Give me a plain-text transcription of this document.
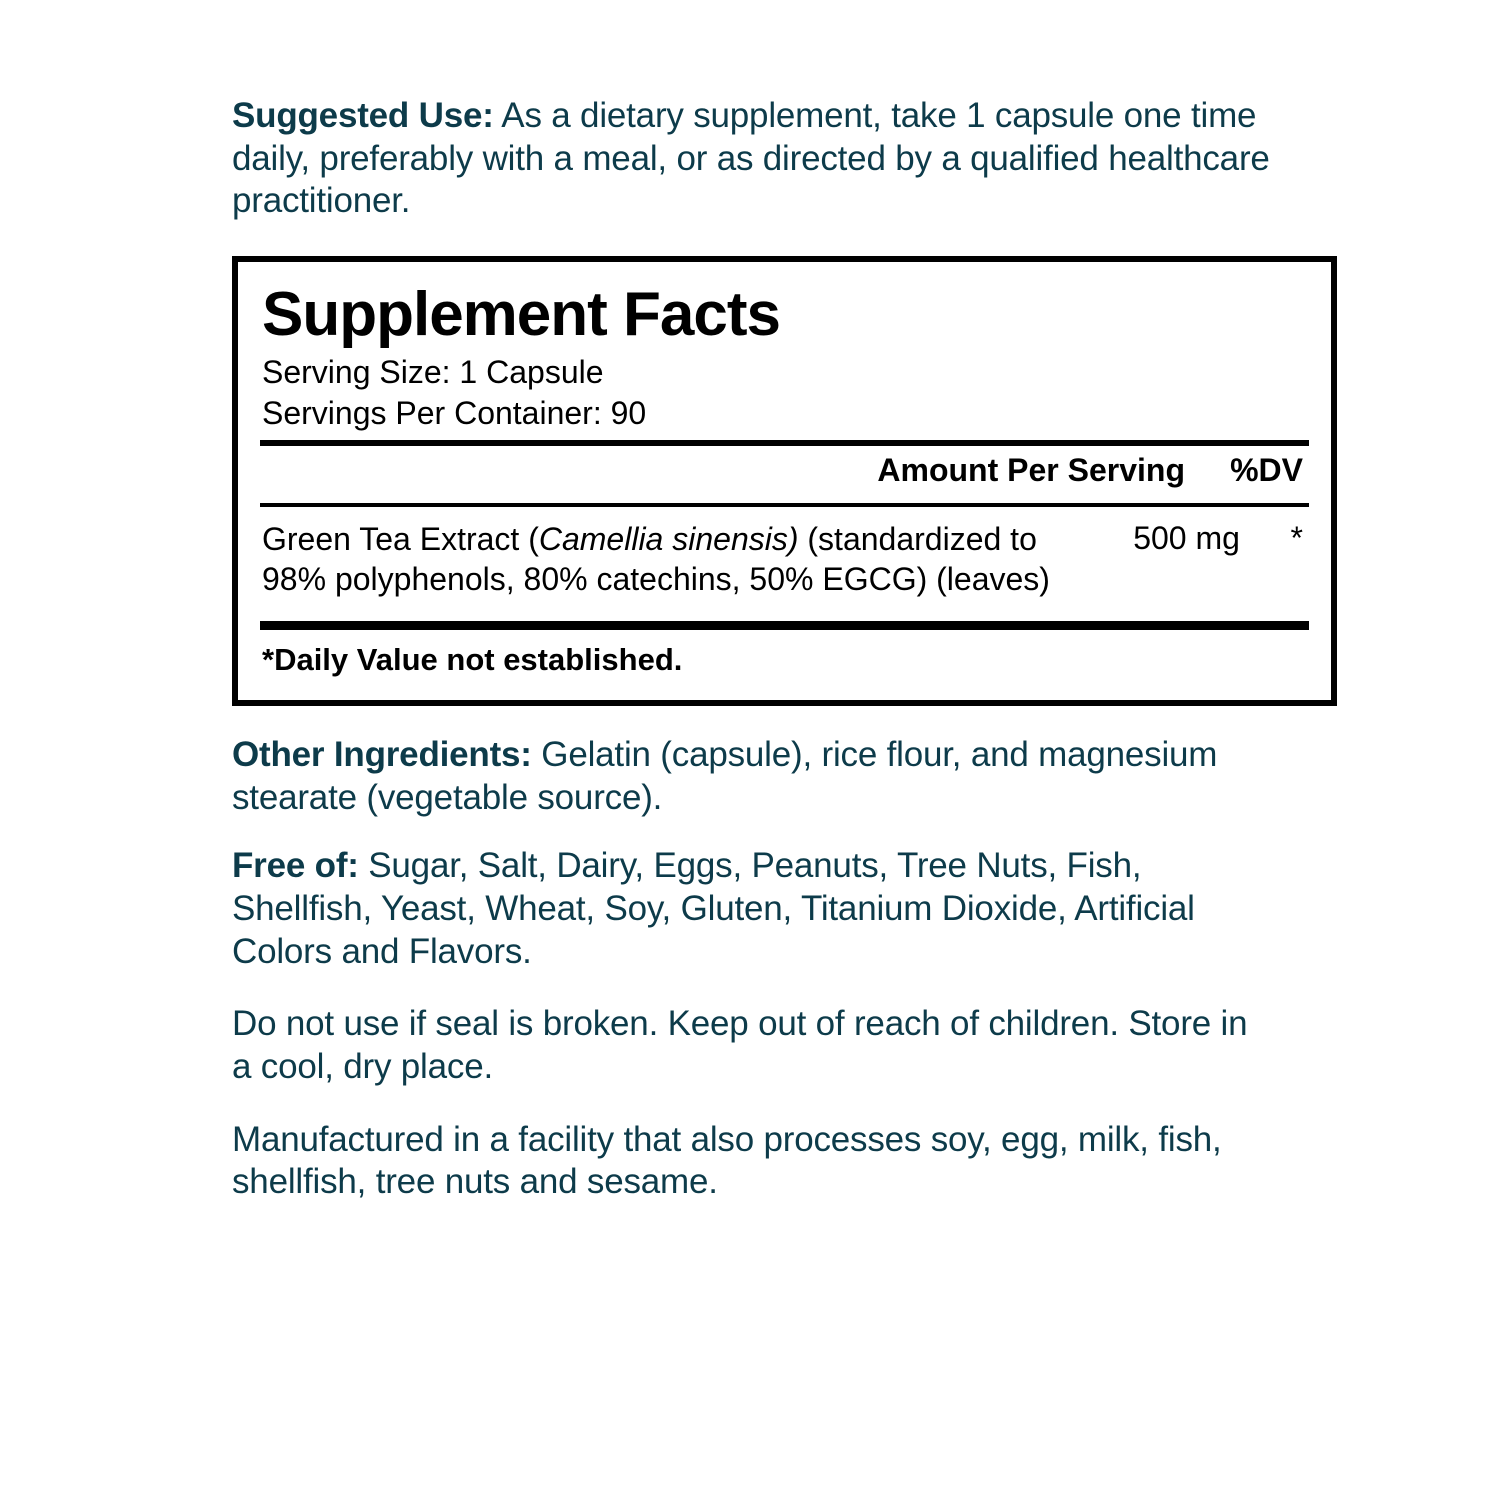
Suggested Use: As a dietary supplement, take 1 capsule one time daily, preferably with a meal, or as directed by a qualified healthcare practitioner.

Supplement Facts
Serving Size: 1 Capsule
Servings Per Container: 90
Amount Per Serving	%DV
Green Tea Extract (Camellia sinensis) (standardized to 98% polyphenols, 80% catechins, 50% EGCG) (leaves)
500 mg	*
*Daily Value not established.

Other Ingredients: Gelatin (capsule), rice flour, and magnesium stearate (vegetable source).

Free of: Sugar, Salt, Dairy, Eggs, Peanuts, Tree Nuts, Fish, Shellfish, Yeast, Wheat, Soy, Gluten, Titanium Dioxide, Artificial Colors and Flavors.

Do not use if seal is broken. Keep out of reach of children. Store in a cool, dry place.

Manufactured in a facility that also processes soy, egg, milk, fish, shellfish, tree nuts and sesame.
